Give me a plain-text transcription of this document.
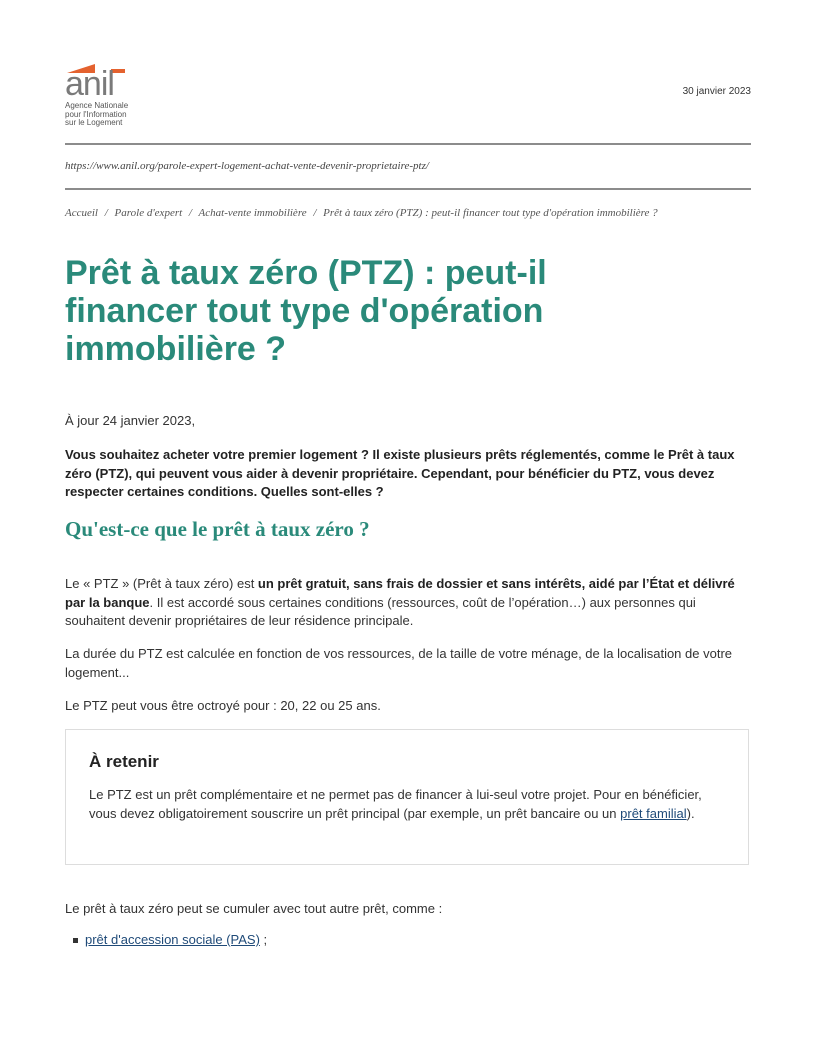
anil
Agence Nationale
pour l'Information
sur le Logement
30 janvier 2023
https://www.anil.org/parole-expert-logement-achat-vente-devenir-proprietaire-ptz/
Accueil / Parole d'expert / Achat-vente immobilière / Prêt à taux zéro (PTZ) : peut-il financer tout type d'opération immobilière ?
Prêt à taux zéro (PTZ) : peut-il financer tout type d'opération immobilière ?
À jour 24 janvier 2023,

Vous souhaitez acheter votre premier logement ? Il existe plusieurs prêts réglementés, comme le Prêt à taux zéro (PTZ), qui peuvent vous aider à devenir propriétaire. Cependant, pour bénéficier du PTZ, vous devez respecter certaines conditions. Quelles sont-elles ?

Qu'est-ce que le prêt à taux zéro ?

Le « PTZ » (Prêt à taux zéro) est un prêt gratuit, sans frais de dossier et sans intérêts, aidé par l’État et délivré par la banque. Il est accordé sous certaines conditions (ressources, coût de l’opération…) aux personnes qui souhaitent devenir propriétaires de leur résidence principale.

La durée du PTZ est calculée en fonction de vos ressources, de la taille de votre ménage, de la localisation de votre logement...

Le PTZ peut vous être octroyé pour : 20, 22 ou 25 ans.

À retenir

Le PTZ est un prêt complémentaire et ne permet pas de financer à lui-seul votre projet. Pour en bénéficier, vous devez obligatoirement souscrire un prêt principal (par exemple, un prêt bancaire ou un prêt familial).

Le prêt à taux zéro peut se cumuler avec tout autre prêt, comme :

prêt d'accession sociale (PAS) ;
